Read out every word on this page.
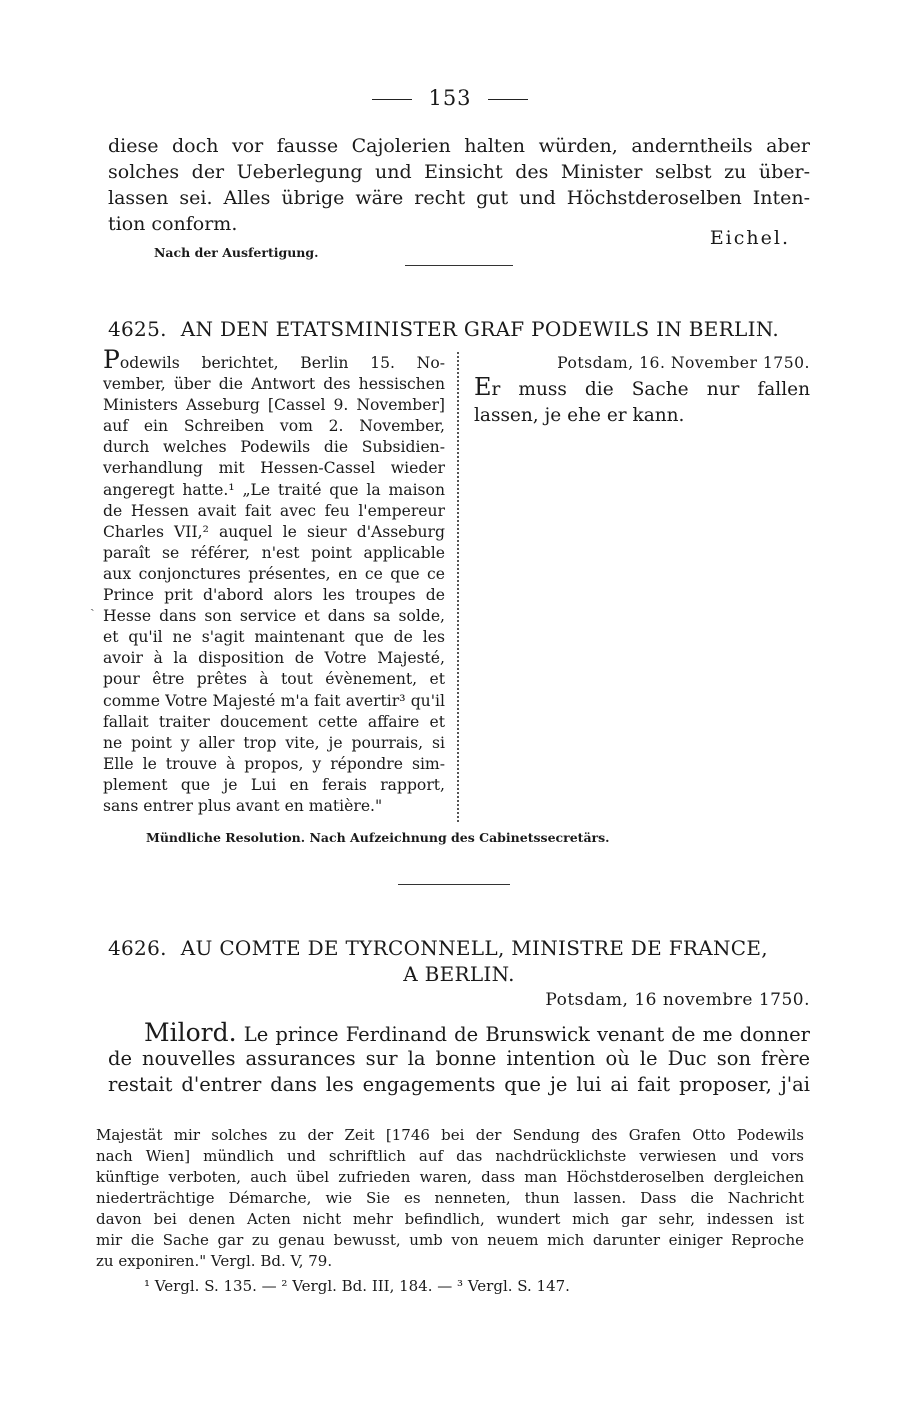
153

diese doch vor fausse Cajolerien halten würden, anderntheils aber

solches der Ueberlegung und Einsicht des Minister selbst zu über-

lassen sei. Alles übrige wäre recht gut und Höchstderoselben Inten-

tion conform.

Eichel.

Nach der Ausfertigung.

4625. AN DEN ETATSMINISTER GRAF PODEWILS IN BERLIN.

Podewils berichtet, Berlin 15. No-

vember, über die Antwort des hessischen

Ministers Asseburg [Cassel 9. November]

auf ein Schreiben vom 2. November,

durch welches Podewils die Subsidien-

verhandlung mit Hessen-Cassel wieder

angeregt hatte.¹ „Le traité que la maison

de Hessen avait fait avec feu l'empereur

Charles VII,² auquel le sieur d'Asseburg

paraît se référer, n'est point applicable

aux conjonctures présentes, en ce que ce

Prince prit d'abord alors les troupes de

Hesse dans son service et dans sa solde,

et qu'il ne s'agit maintenant que de les

avoir à la disposition de Votre Majesté,

pour être prêtes à tout évènement, et

comme Votre Majesté m'a fait avertir³ qu'il

fallait traiter doucement cette affaire et

ne point y aller trop vite, je pourrais, si

Elle le trouve à propos, y répondre sim-

plement que je Lui en ferais rapport,

sans entrer plus avant en matière."

ˏ

Potsdam, 16. November 1750.

Er muss die Sache nur fallen

lassen, je ehe er kann.

Mündliche Resolution. Nach Aufzeichnung des Cabinetssecretärs.

4626. AU COMTE DE TYRCONNELL, MINISTRE DE FRANCE,

A BERLIN.

Potsdam, 16 novembre 1750.

Milord. Le prince Ferdinand de Brunswick venant de me donner

de nouvelles assurances sur la bonne intention où le Duc son frère

restait d'entrer dans les engagements que je lui ai fait proposer, j'ai

Majestät mir solches zu der Zeit [1746 bei der Sendung des Grafen Otto Podewils

nach Wien] mündlich und schriftlich auf das nachdrücklichste verwiesen und vors

künftige verboten, auch übel zufrieden waren, dass man Höchstderoselben dergleichen

niederträchtige Démarche, wie Sie es nenneten, thun lassen. Dass die Nachricht

davon bei denen Acten nicht mehr befindlich, wundert mich gar sehr, indessen ist

mir die Sache gar zu genau bewusst, umb von neuem mich darunter einiger Reproche

zu exponiren." Vergl. Bd. V, 79.

¹ Vergl. S. 135. — ² Vergl. Bd. III, 184. — ³ Vergl. S. 147.
